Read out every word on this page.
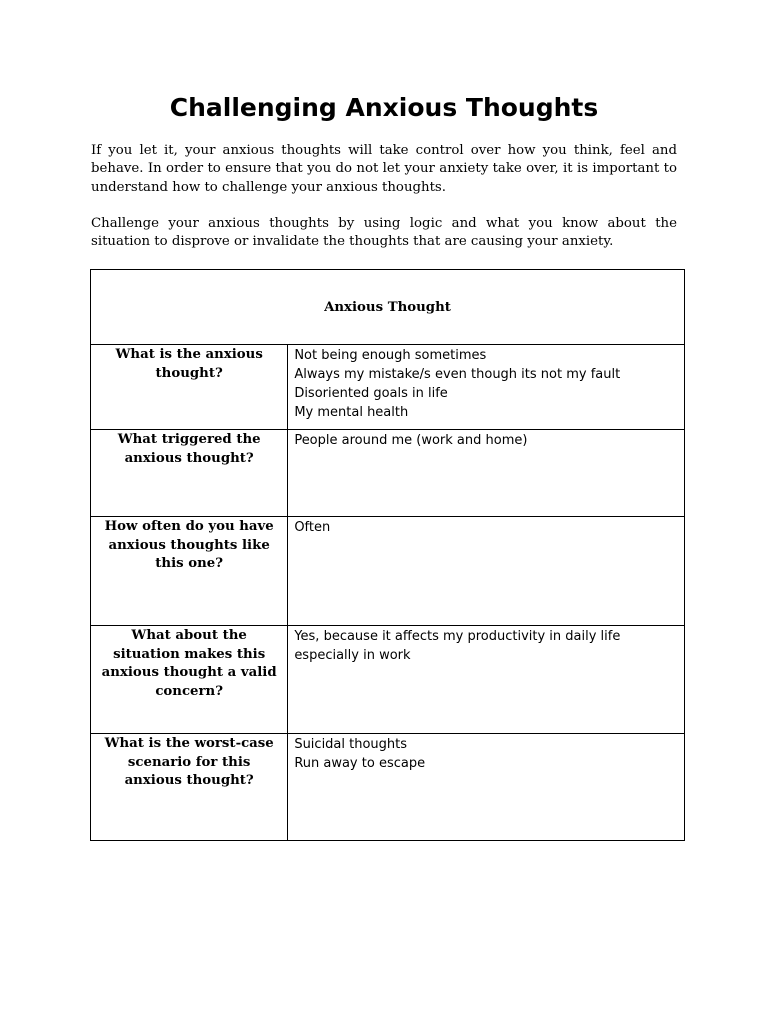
Challenging Anxious Thoughts

If you let it, your anxious thoughts will take control over how you think, feel and behave. In order to ensure that you do not let your anxiety take over, it is important to understand how to challenge your anxious thoughts.

Challenge your anxious thoughts by using logic and what you know about the situation to disprove or invalidate the thoughts that are causing your anxiety.

Anxious Thought	
What is the anxious thought?	Not being enough sometimes
Always my mistake/s even though its not my fault
Disoriented goals in life
My mental health

What triggered the anxious thought?	People around me (work and home)

How often do you have anxious thoughts like this one?	Often

What about the situation makes this anxious thought a valid concern?	Yes, because it affects my productivity in daily life especially in work

What is the worst-case scenario for this anxious thought?	Suicidal thoughts
Run away to escape
